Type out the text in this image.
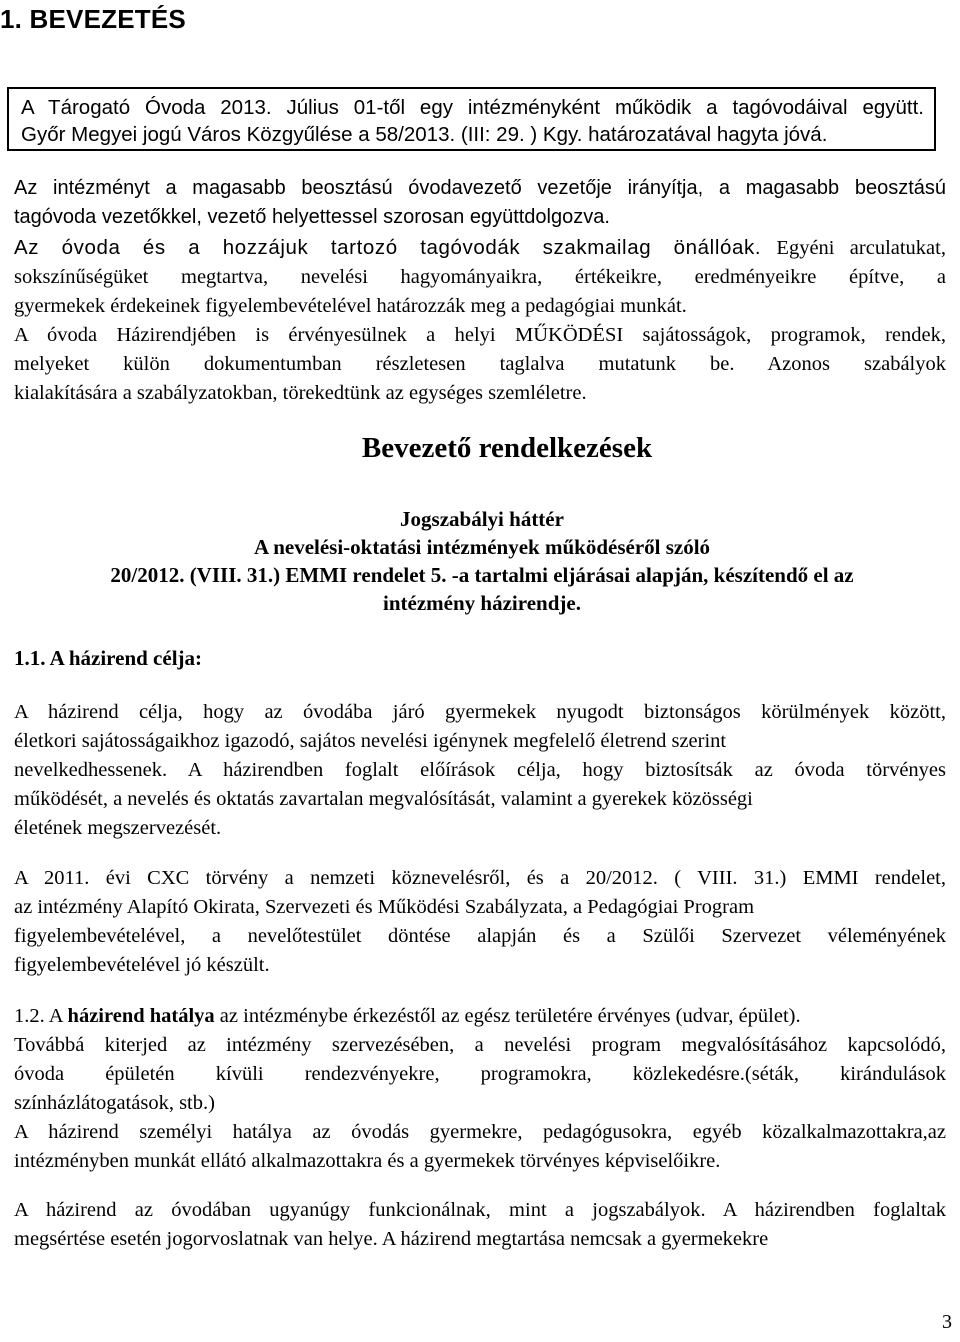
1. BEVEZETÉS

A Tárogató Óvoda 2013. Július 01-től egy intézményként működik a tagóvodáival együtt.

Győr Megyei jogú Város Közgyűlése a 58/2013. (III: 29. ) Kgy. határozatával hagyta jóvá.

Az intézményt a magasabb beosztású óvodavezető vezetője irányítja, a magasabb beosztású
tagóvoda vezetőkkel, vezető helyettessel szorosan együttdolgozva.
Az óvoda és a hozzájuk tartozó tagóvodák szakmailag önállóak. Egyéni arculatukat,
sokszínűségüket megtartva, nevelési hagyományaikra, értékeikre, eredményeikre építve, a
gyermekek érdekeinek figyelembevételével határozzák meg a pedagógiai munkát.
A óvoda Házirendjében is érvényesülnek a helyi MŰKÖDÉSI sajátosságok, programok, rendek,
melyeket külön dokumentumban részletesen taglalva mutatunk be. Azonos szabályok
kialakítására a szabályzatokban, törekedtünk az egységes szemléletre.
Bevezető rendelkezések
Jogszabályi háttér
A nevelési-oktatási intézmények működéséről szóló
20/2012. (VIII. 31.) EMMI rendelet 5. -a tartalmi eljárásai alapján, készítendő el az
intézmény házirendje.
1.1. A házirend célja:
A házirend célja, hogy az óvodába járó gyermekek nyugodt biztonságos körülmények között,
életkori sajátosságaikhoz igazodó, sajátos nevelési igénynek megfelelő életrend szerint
nevelkedhessenek. A házirendben foglalt előírások célja, hogy biztosítsák az óvoda törvényes
működését, a nevelés és oktatás zavartalan megvalósítását, valamint a gyerekek közösségi
életének megszervezését.
A 2011. évi CXC törvény a nemzeti köznevelésről, és a 20/2012. ( VIII. 31.) EMMI rendelet,
az intézmény Alapító Okirata, Szervezeti és Működési Szabályzata, a Pedagógiai Program
figyelembevételével, a nevelőtestület döntése alapján és a Szülői Szervezet véleményének
figyelembevételével jó készült.
1.2. A házirend hatálya az intézménybe érkezéstől az egész területére érvényes (udvar, épület).
Továbbá kiterjed az intézmény szervezésében, a nevelési program megvalósításához kapcsolódó,
óvoda épületén kívüli rendezvényekre, programokra, közlekedésre.(séták, kirándulások
színházlátogatások, stb.)
A házirend személyi hatálya az óvodás gyermekre, pedagógusokra, egyéb közalkalmazottakra,az
intézményben munkát ellátó alkalmazottakra és a gyermekek törvényes képviselőikre.
A házirend az óvodában ugyanúgy funkcionálnak, mint a jogszabályok. A házirendben foglaltak
megsértése esetén jogorvoslatnak van helye. A házirend megtartása nemcsak a gyermekekre
3
